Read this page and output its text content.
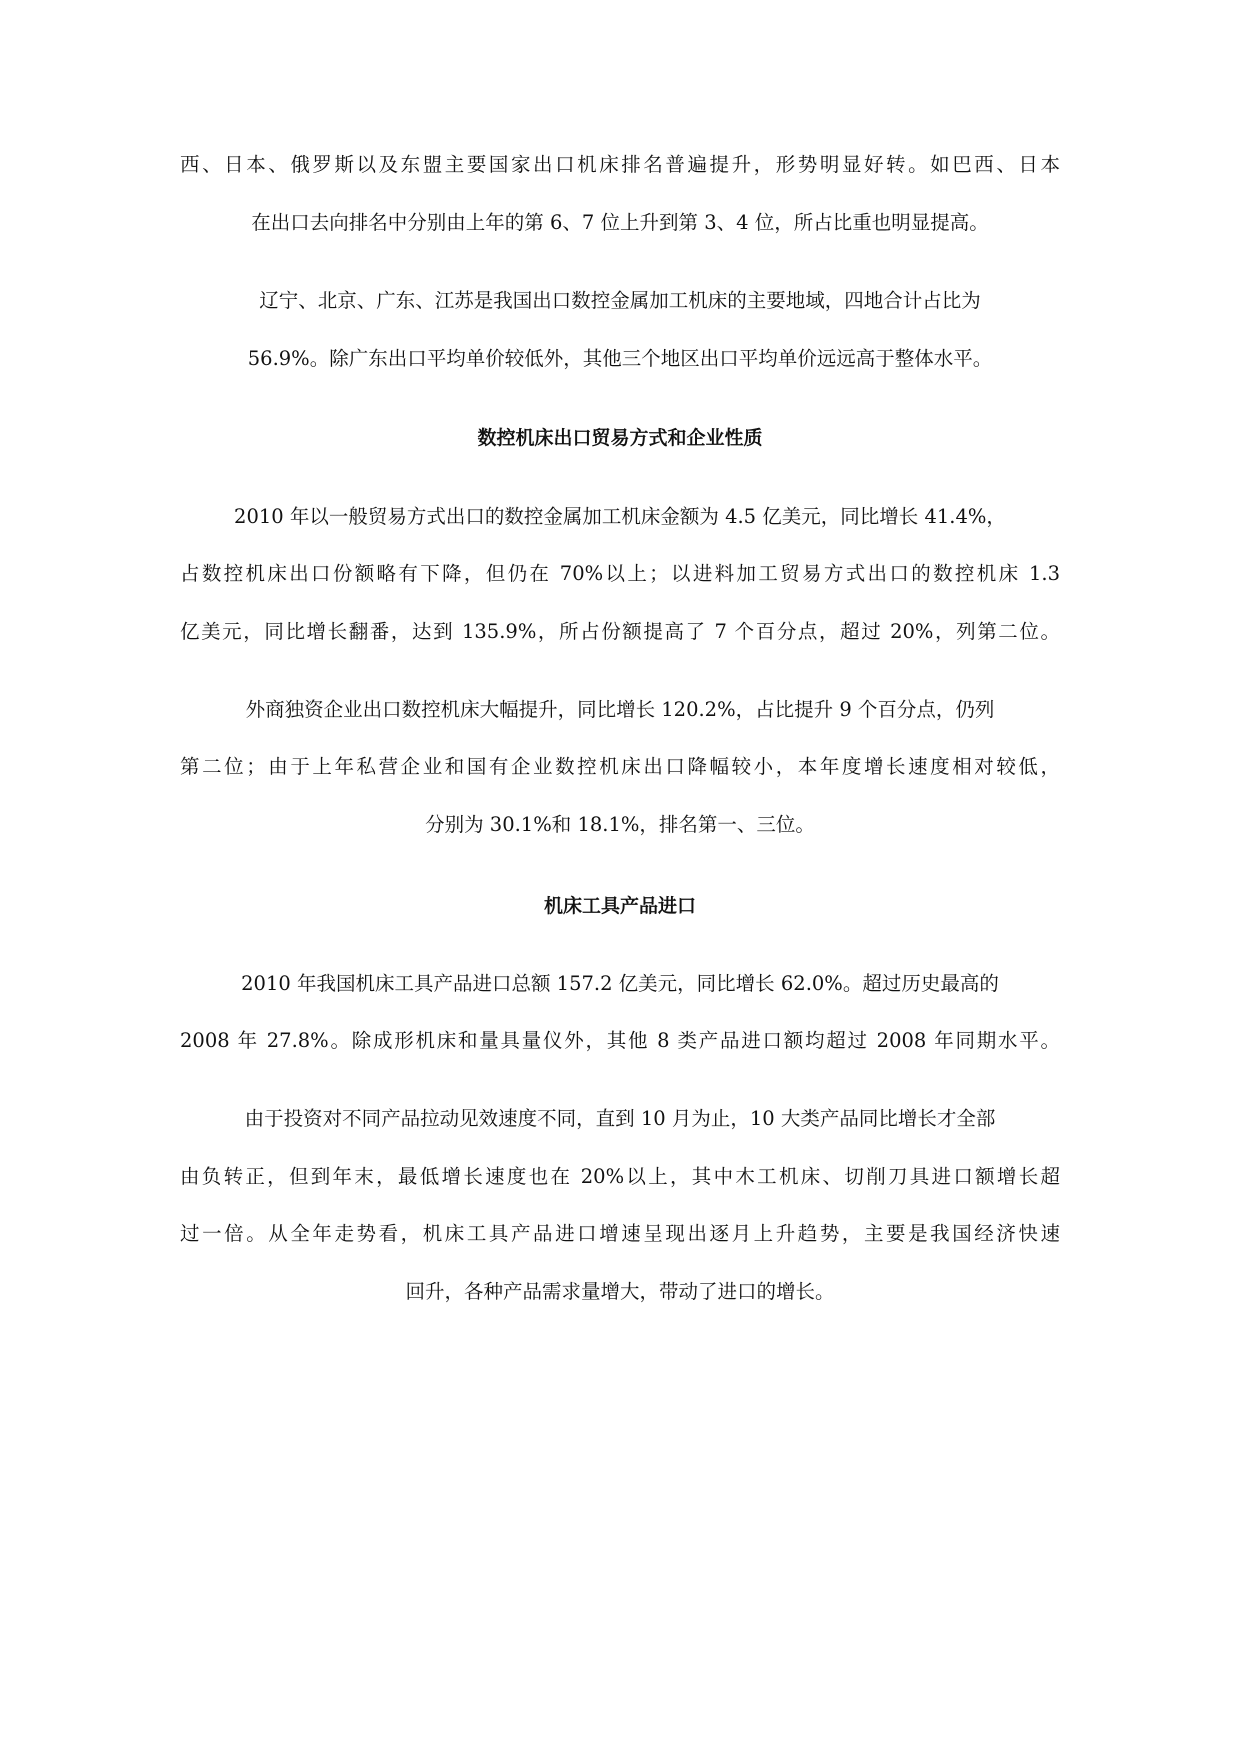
西、日本、俄罗斯以及东盟主要国家出口机床排名普遍提升，形势明显好转。如巴西、日本
在出口去向排名中分别由上年的第 6、7 位上升到第 3、4 位，所占比重也明显提高。
辽宁、北京、广东、江苏是我国出口数控金属加工机床的主要地域，四地合计占比为
56.9%。除广东出口平均单价较低外，其他三个地区出口平均单价远远高于整体水平。
数控机床出口贸易方式和企业性质
2010 年以一般贸易方式出口的数控金属加工机床金额为 4.5 亿美元，同比增长 41.4%，
占数控机床出口份额略有下降，但仍在 70%以上；以进料加工贸易方式出口的数控机床 1.3
亿美元，同比增长翻番，达到 135.9%，所占份额提高了 7 个百分点，超过 20%，列第二位。
外商独资企业出口数控机床大幅提升，同比增长 120.2%，占比提升 9 个百分点，仍列
第二位；由于上年私营企业和国有企业数控机床出口降幅较小，本年度增长速度相对较低，
分别为 30.1%和 18.1%，排名第一、三位。
机床工具产品进口
2010 年我国机床工具产品进口总额 157.2 亿美元，同比增长 62.0%。超过历史最高的
2008 年 27.8%。除成形机床和量具量仪外，其他 8 类产品进口额均超过 2008 年同期水平。
由于投资对不同产品拉动见效速度不同，直到 10 月为止，10 大类产品同比增长才全部
由负转正，但到年末，最低增长速度也在 20%以上，其中木工机床、切削刀具进口额增长超
过一倍。从全年走势看，机床工具产品进口增速呈现出逐月上升趋势，主要是我国经济快速
回升，各种产品需求量增大，带动了进口的增长。
